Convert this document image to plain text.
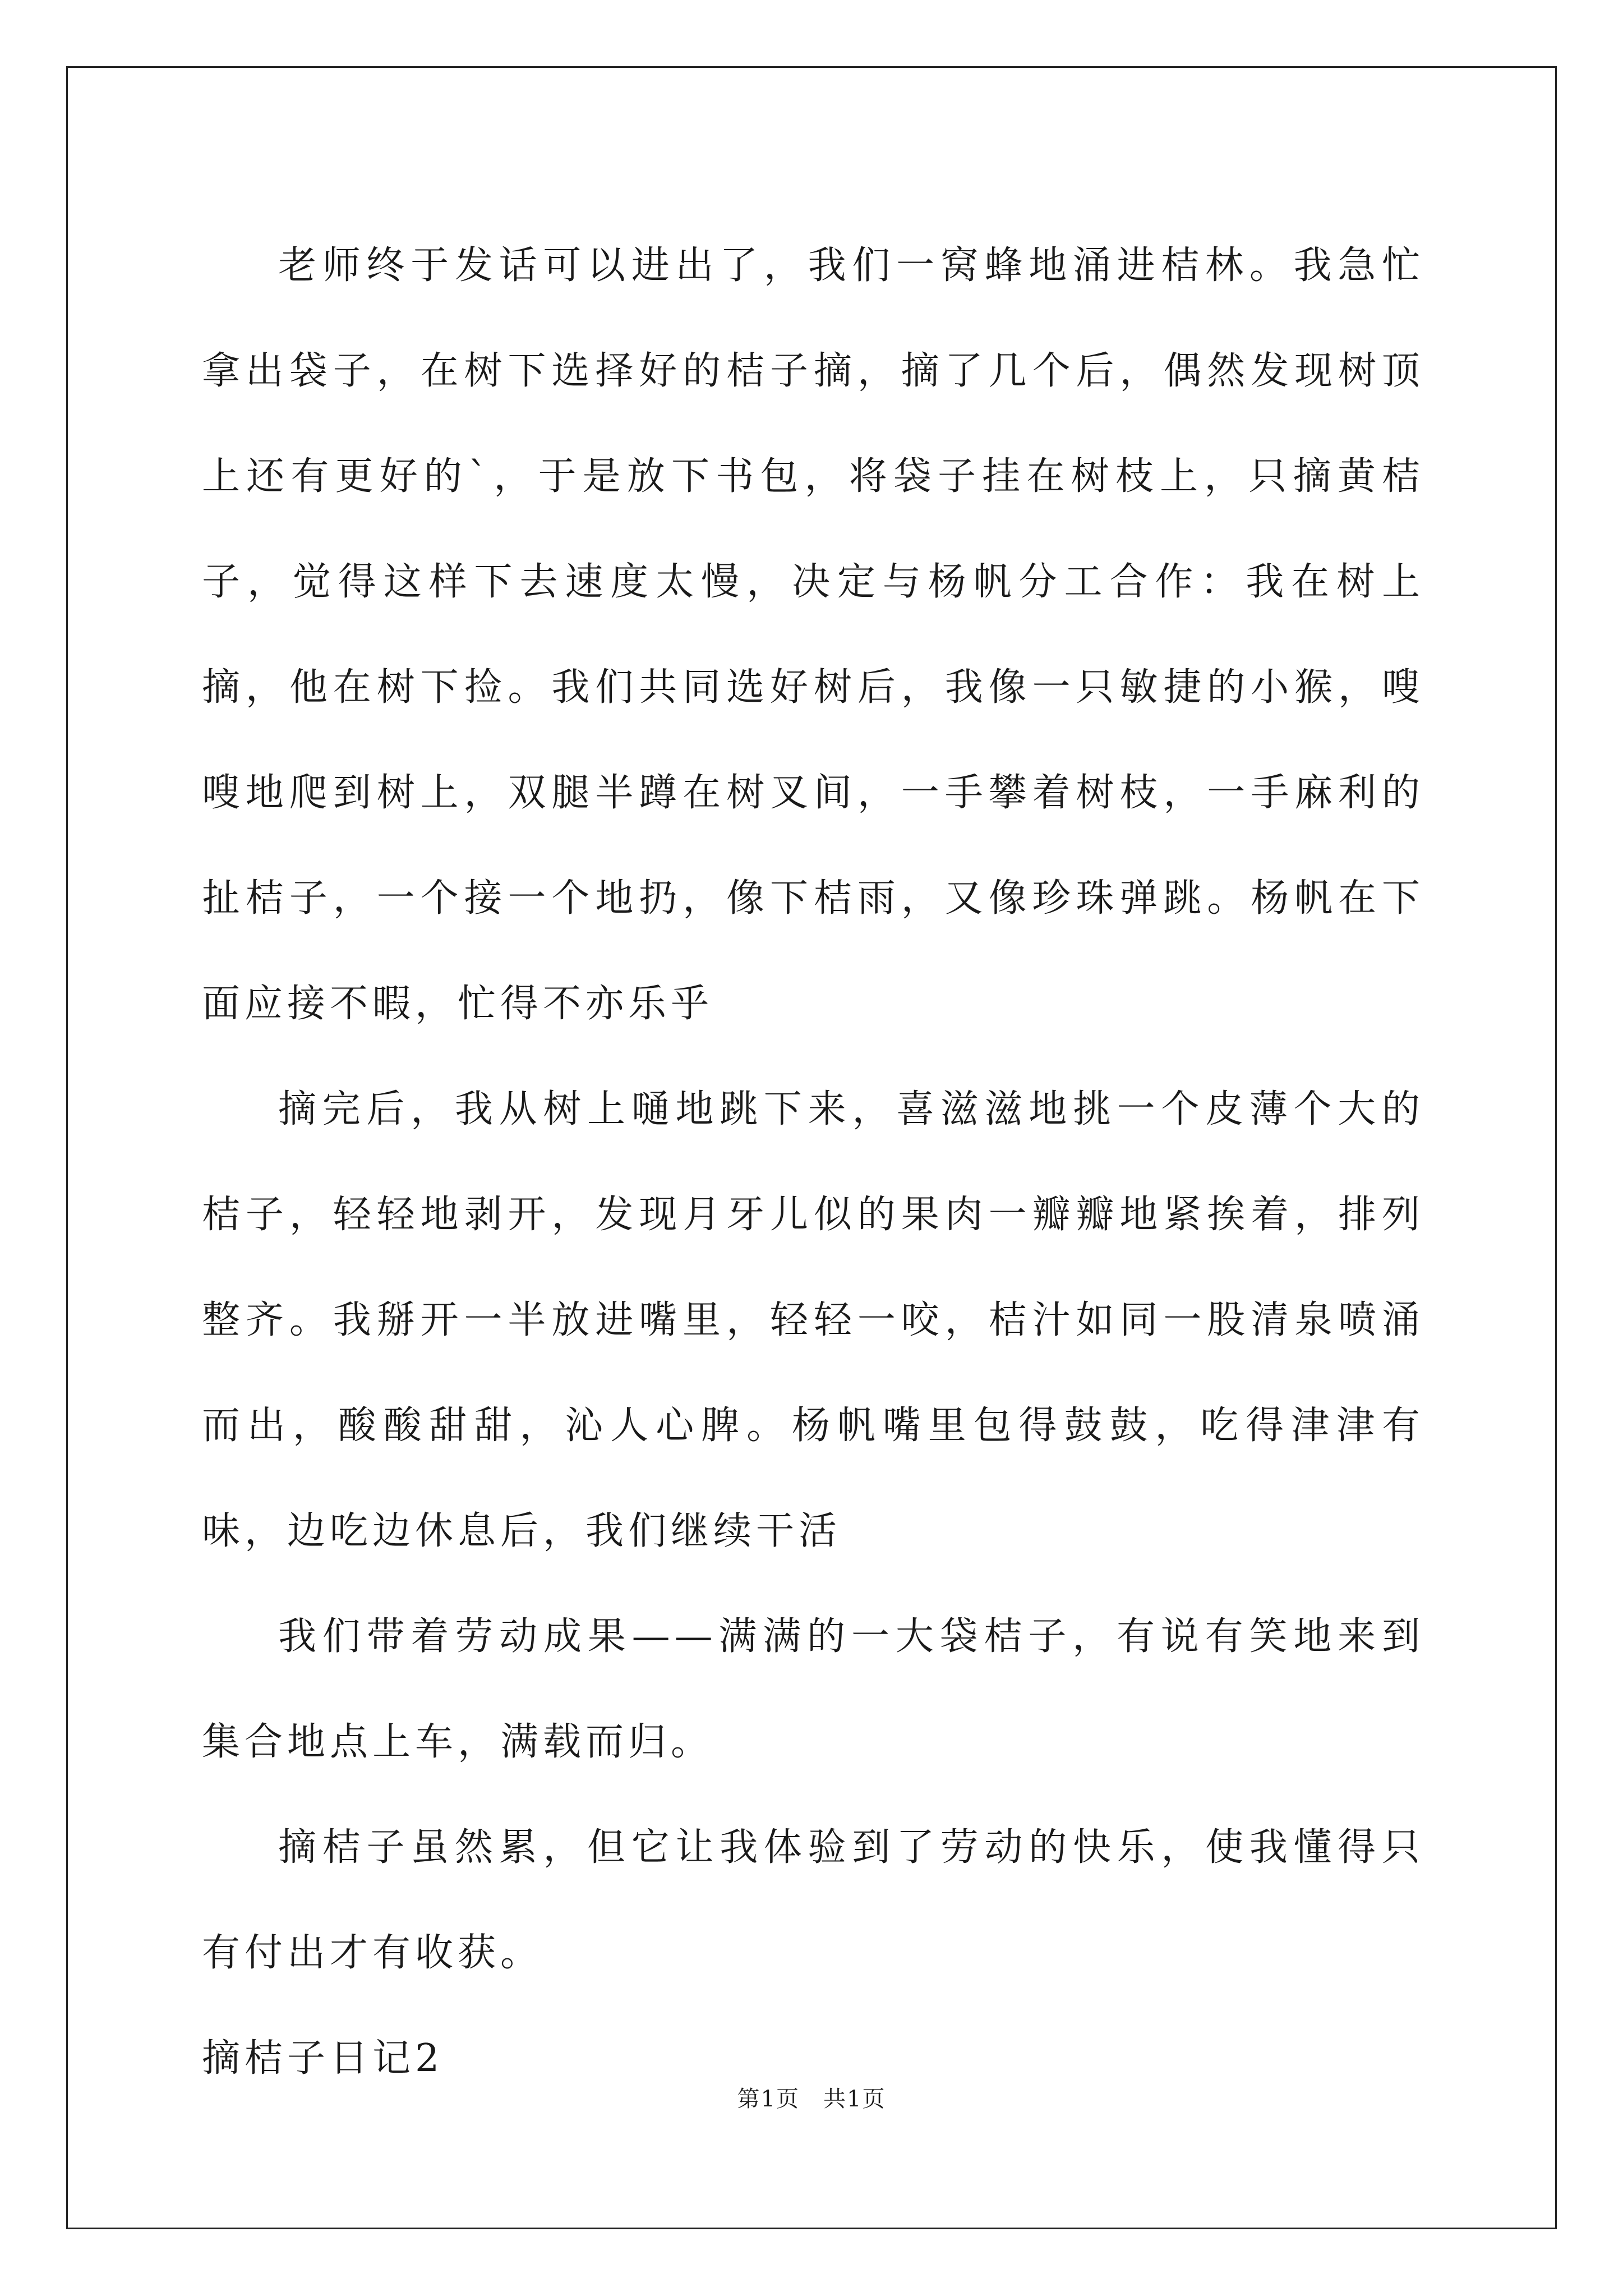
老师终于发话可以进出了，我们一窝蜂地涌进桔林。我急忙拿出袋子，在树下选择好的桔子摘，摘了几个后，偶然发现树顶上还有更好的`，于是放下书包，将袋子挂在树枝上，只摘黄桔子，觉得这样下去速度太慢，决定与杨帆分工合作：我在树上摘，他在树下捡。我们共同选好树后，我像一只敏捷的小猴，嗖嗖地爬到树上，双腿半蹲在树叉间，一手攀着树枝，一手麻利的扯桔子，一个接一个地扔，像下桔雨，又像珍珠弹跳。杨帆在下面应接不暇，忙得不亦乐乎

摘完后，我从树上嗵地跳下来，喜滋滋地挑一个皮薄个大的桔子，轻轻地剥开，发现月牙儿似的果肉一瓣瓣地紧挨着，排列整齐。我掰开一半放进嘴里，轻轻一咬，桔汁如同一股清泉喷涌而出，酸酸甜甜，沁人心脾。杨帆嘴里包得鼓鼓，吃得津津有味，边吃边休息后，我们继续干活

我们带着劳动成果——满满的一大袋桔子，有说有笑地来到集合地点上车，满载而归。

摘桔子虽然累，但它让我体验到了劳动的快乐，使我懂得只有付出才有收获。

摘桔子日记2

第1页　共1页
